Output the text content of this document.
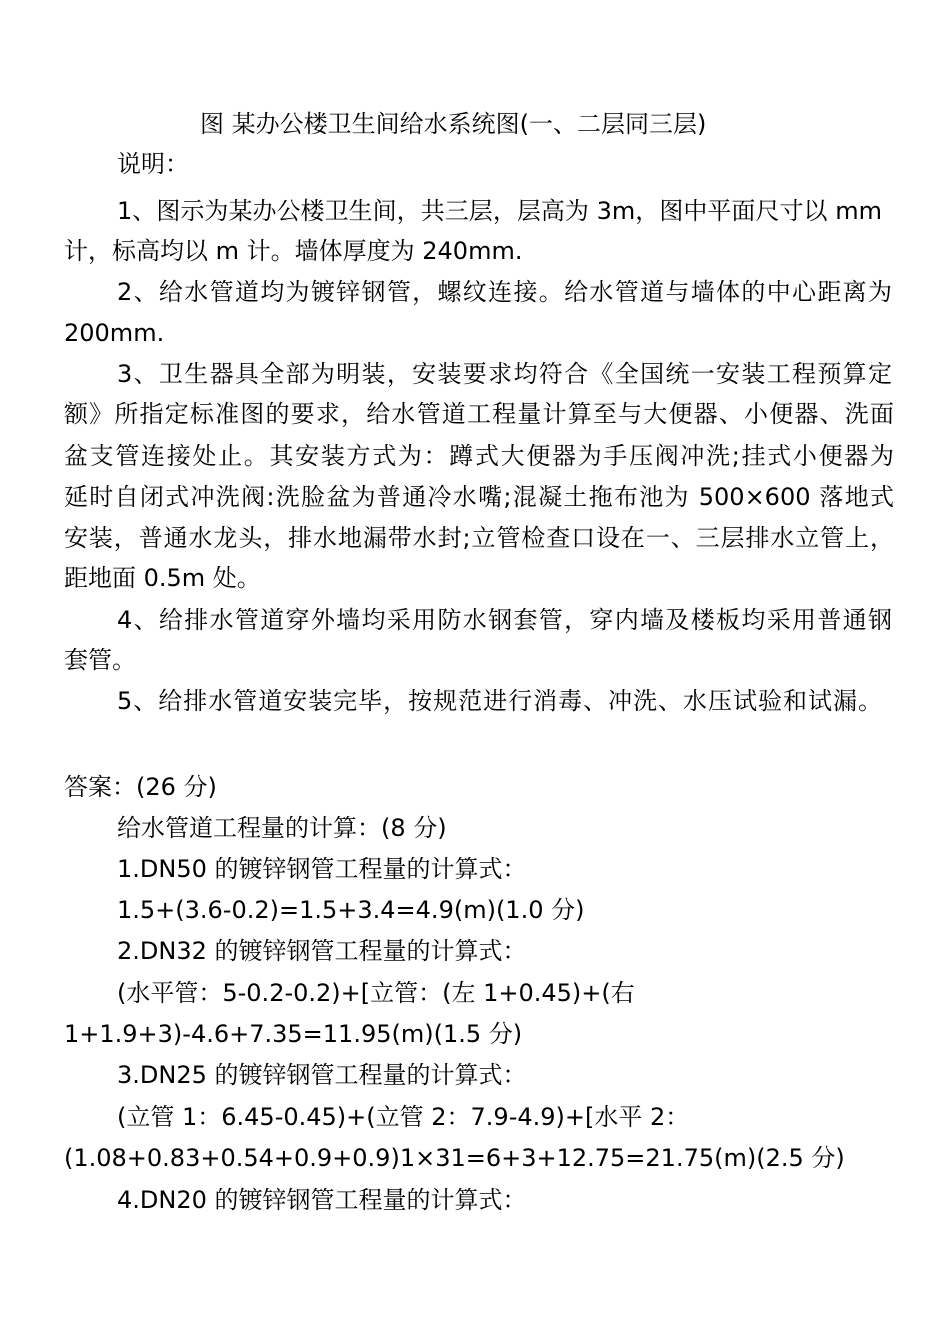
图 某办公楼卫生间给水系统图(一、二层同三层)
说明：
1、图示为某办公楼卫生间，共三层，层高为 3m，图中平面尺寸以 mm
计，标高均以 m 计。墙体厚度为 240mm.
2、给水管道均为镀锌钢管，螺纹连接。给水管道与墙体的中心距离为
200mm.
3、卫生器具全部为明装，安装要求均符合《全国统一安装工程预算定
额》所指定标准图的要求，给水管道工程量计算至与大便器、小便器、洗面
盆支管连接处止。其安装方式为：蹲式大便器为手压阀冲洗;挂式小便器为
延时自闭式冲洗阀:洗脸盆为普通冷水嘴;混凝土拖布池为 500×600 落地式
安装，普通水龙头，排水地漏带水封;立管检查口设在一、三层排水立管上，
距地面 0.5m 处。
4、给排水管道穿外墙均采用防水钢套管，穿内墙及楼板均采用普通钢
套管。
5、给排水管道安装完毕，按规范进行消毒、冲洗、水压试验和试漏。
答案：(26 分)
给水管道工程量的计算：(8 分)
1.DN50 的镀锌钢管工程量的计算式：
1.5+(3.6-0.2)=1.5+3.4=4.9(m)(1.0 分)
2.DN32 的镀锌钢管工程量的计算式：
(水平管：5-0.2-0.2)+[立管：(左 1+0.45)+(右
1+1.9+3)-4.6+7.35=11.95(m)(1.5 分)
3.DN25 的镀锌钢管工程量的计算式：
(立管 1：6.45-0.45)+(立管 2：7.9-4.9)+[水平 2：
(1.08+0.83+0.54+0.9+0.9)1×31=6+3+12.75=21.75(m)(2.5 分)
4.DN20 的镀锌钢管工程量的计算式：
